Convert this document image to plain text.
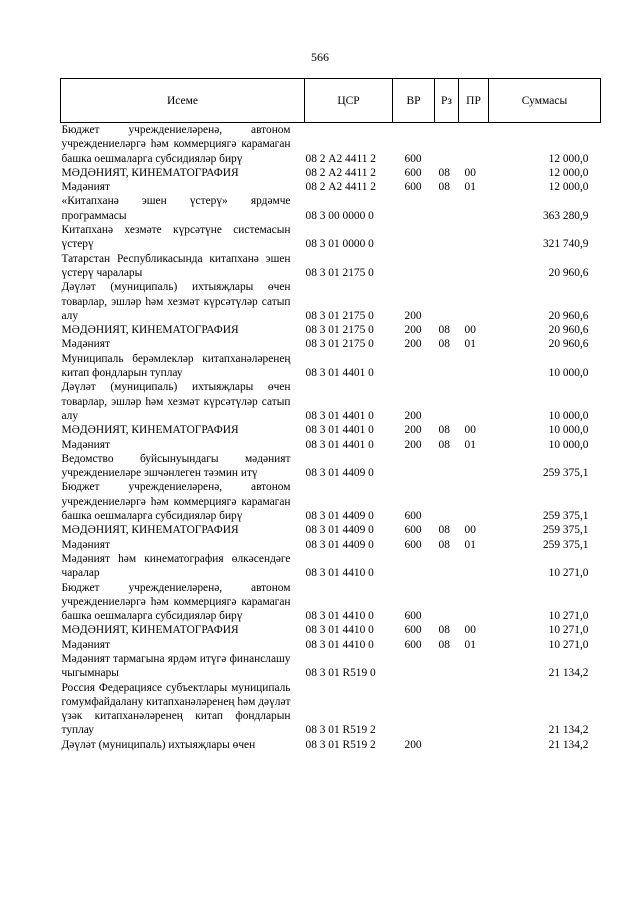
566
Исеме	ЦСР	ВР	Рз	ПР	Суммасы
Бюджет учреждениеләренә, автоном учреждениеләргә һәм коммерциягә карамаган башка оешмаларга субсидияләр бирү	08 2 А2 4411 2	600			12 000,0
МӘДӘНИЯТ, КИНЕМАТОГРАФИЯ	08 2 А2 4411 2	600	08	00	12 000,0
Мәдәният	08 2 А2 4411 2	600	08	01	12 000,0
«Китапханә эшен үстерү» ярдәмче программасы	08 3 00 0000 0				363 280,9
Китапханә хезмәте күрсәтүне системасын үстерү	08 3 01 0000 0				321 740,9
Татарстан Республикасында китапханә эшен үстерү чаралары	08 3 01 2175 0				20 960,6
Дәүләт (муниципаль) ихтыяҗлары өчен товарлар, эшләр һәм хезмәт күрсәтүләр сатып алу	08 3 01 2175 0	200			20 960,6
МӘДӘНИЯТ, КИНЕМАТОГРАФИЯ	08 3 01 2175 0	200	08	00	20 960,6
Мәдәният	08 3 01 2175 0	200	08	01	20 960,6
Муниципаль берәмлекләр китапханәләренең китап фондларын туплау	08 3 01 4401 0				10 000,0
Дәүләт (муниципаль) ихтыяҗлары өчен товарлар, эшләр һәм хезмәт күрсәтүләр сатып алу	08 3 01 4401 0	200			10 000,0
МӘДӘНИЯТ, КИНЕМАТОГРАФИЯ	08 3 01 4401 0	200	08	00	10 000,0
Мәдәният	08 3 01 4401 0	200	08	01	10 000,0
Ведомство буйсынуындагы мәдәният учреждениеләре эшчәнлеген тәэмин итү	08 3 01 4409 0				259 375,1
Бюджет учреждениеләренә, автоном учреждениеләргә һәм коммерциягә карамаган башка оешмаларга субсидияләр бирү	08 3 01 4409 0	600			259 375,1
МӘДӘНИЯТ, КИНЕМАТОГРАФИЯ	08 3 01 4409 0	600	08	00	259 375,1
Мәдәният	08 3 01 4409 0	600	08	01	259 375,1
Мәдәният һәм кинематография өлкәсендәге чаралар	08 3 01 4410 0				10 271,0
Бюджет учреждениеләренә, автоном учреждениеләргә һәм коммерциягә карамаган башка оешмаларга субсидияләр бирү	08 3 01 4410 0	600			10 271,0
МӘДӘНИЯТ, КИНЕМАТОГРАФИЯ	08 3 01 4410 0	600	08	00	10 271,0
Мәдәният	08 3 01 4410 0	600	08	01	10 271,0
Мәдәният тармагына ярдәм итүгә финанслашу чыгымнары	08 3 01 R519 0				21 134,2
Россия Федерациясе субъектлары муниципаль гомумфайдалану китапханәләренең һәм дәүләт үзәк китапханәләренең китап фондларын туплау	08 3 01 R519 2				21 134,2
Дәүләт (муниципаль) ихтыяҗлары өчен	08 3 01 R519 2	200			21 134,2
